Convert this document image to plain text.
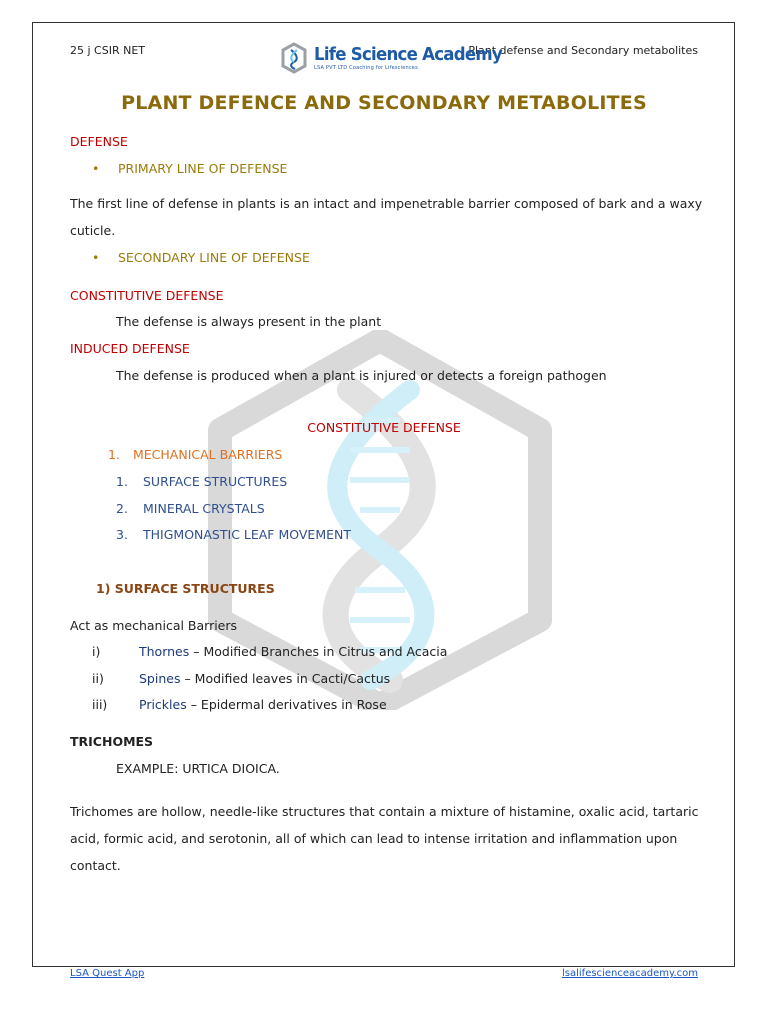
25 j CSIR NET	Plant defense and Secondary metabolites
Life Science Academy
LSA PVT LTD Coaching for Lifesciences
PLANT DEFENCE AND SECONDARY METABOLITES
DEFENSE
• PRIMARY LINE OF DEFENSE
The first line of defense in plants is an intact and impenetrable barrier composed of bark and a waxy cuticle.
• SECONDARY LINE OF DEFENSE
CONSTITUTIVE DEFENSE
The defense is always present in the plant
INDUCED DEFENSE
The defense is produced when a plant is injured or detects a foreign pathogen
CONSTITUTIVE DEFENSE
1. MECHANICAL BARRIERS
1. SURFACE STRUCTURES
2. MINERAL CRYSTALS
3. THIGMONASTIC LEAF MOVEMENT
1) SURFACE STRUCTURES
Act as mechanical Barriers
i)	Thornes – Modified Branches in Citrus and Acacia
ii)	Spines – Modified leaves in Cacti/Cactus
iii)	Prickles – Epidermal derivatives in Rose
TRICHOMES
EXAMPLE: URTICA DIOICA.
Trichomes are hollow, needle-like structures that contain a mixture of histamine, oxalic acid, tartaric acid, formic acid, and serotonin, all of which can lead to intense irritation and inflammation upon contact.
LSA Quest App	lsalifescienceacademy.com
